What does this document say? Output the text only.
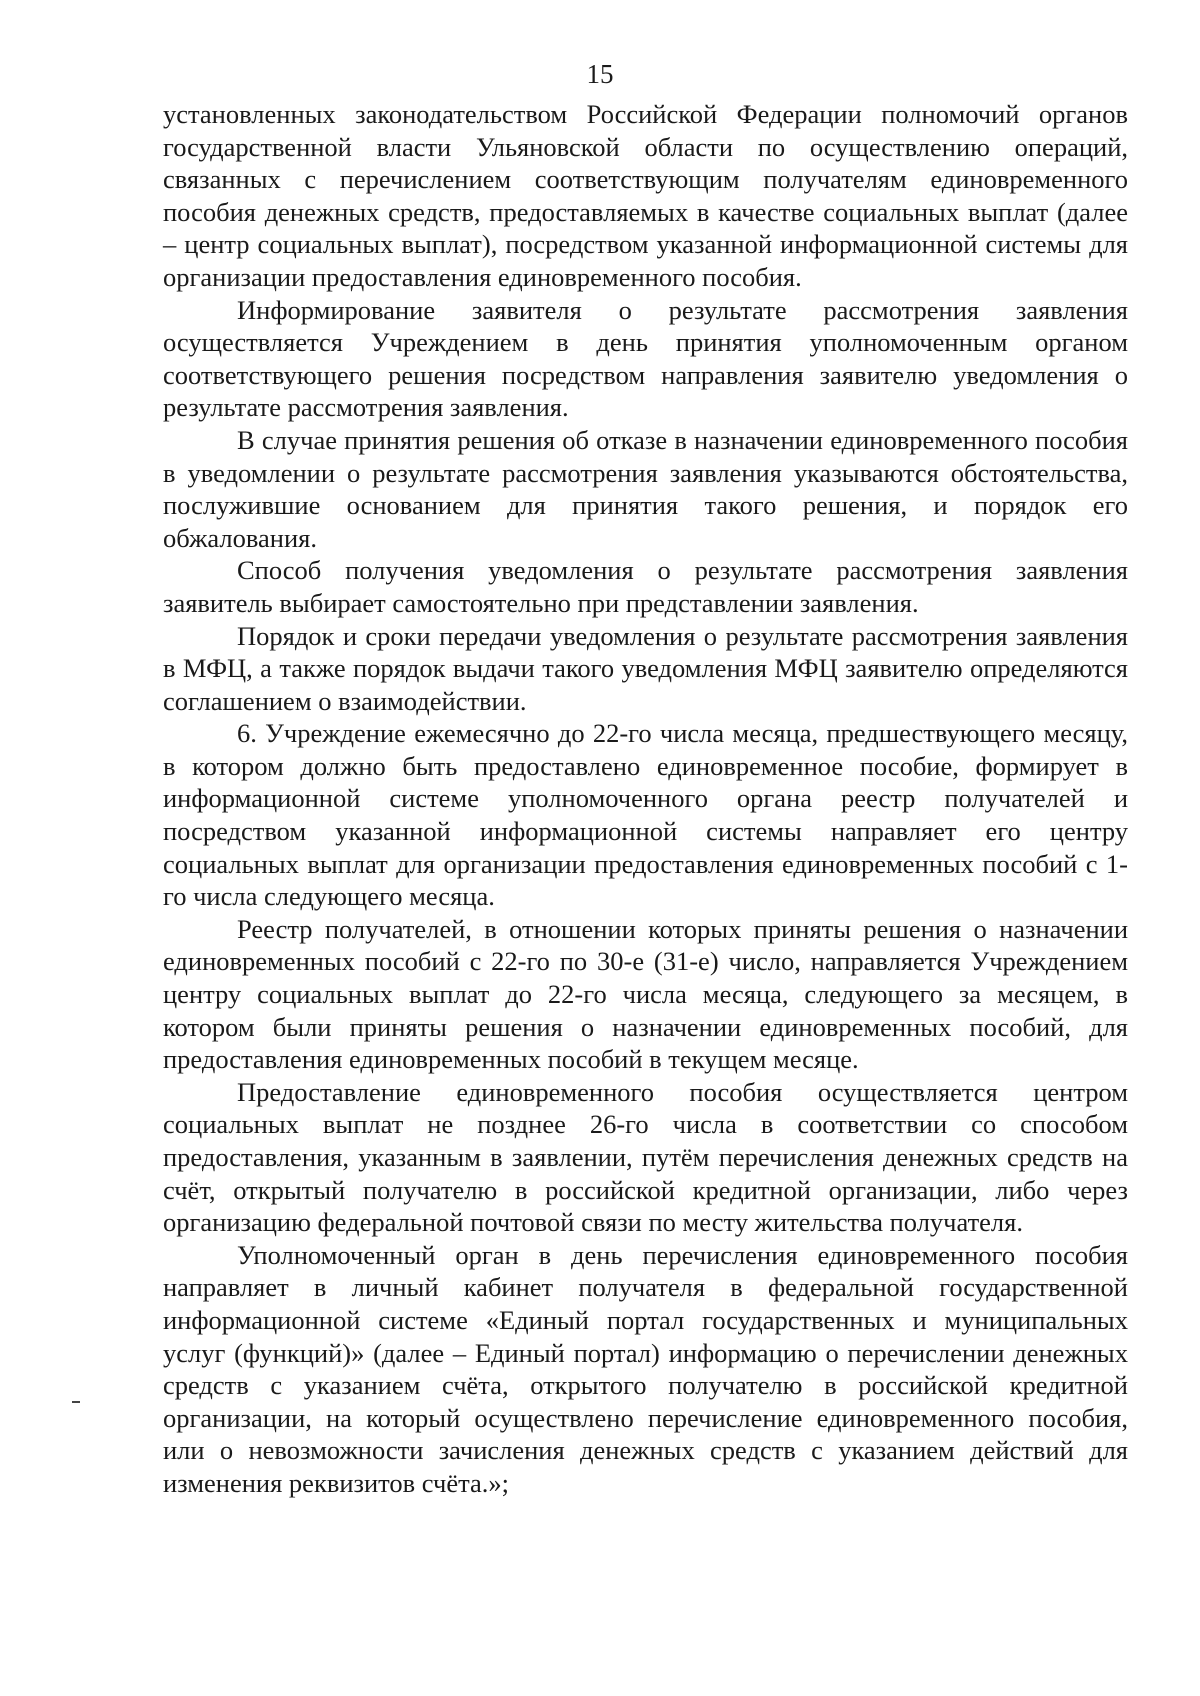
15

установленных законодательством Российской Федерации полномочий органов государственной власти Ульяновской области по осуществлению операций, связанных с перечислением соответствующим получателям единовременного пособия денежных средств, предоставляемых в качестве социальных выплат (далее – центр социальных выплат), посредством указанной информационной системы для организации предоставления единовременного пособия.

Информирование заявителя о результате рассмотрения заявления осуществляется Учреждением в день принятия уполномоченным органом соответствующего решения посредством направления заявителю уведомления о результате рассмотрения заявления.

В случае принятия решения об отказе в назначении единовременного пособия в уведомлении о результате рассмотрения заявления указываются обстоятельства, послужившие основанием для принятия такого решения, и порядок его обжалования.

Способ получения уведомления о результате рассмотрения заявления заявитель выбирает самостоятельно при представлении заявления.

Порядок и сроки передачи уведомления о результате рассмотрения заявления в МФЦ, а также порядок выдачи такого уведомления МФЦ заявителю определяются соглашением о взаимодействии.

6. Учреждение ежемесячно до 22-го числа месяца, предшествующего месяцу, в котором должно быть предоставлено единовременное пособие, формирует в информационной системе уполномоченного органа реестр получателей и посредством указанной информационной системы направляет его центру социальных выплат для организации предоставления единовременных пособий с 1-го числа следующего месяца.

Реестр получателей, в отношении которых приняты решения о назначении единовременных пособий с 22-го по 30-е (31-е) число, направляется Учреждением центру социальных выплат до 22-го числа месяца, следующего за месяцем, в котором были приняты решения о назначении единовременных пособий, для предоставления единовременных пособий в текущем месяце.

Предоставление единовременного пособия осуществляется центром социальных выплат не позднее 26-го числа в соответствии со способом предоставления, указанным в заявлении, путём перечисления денежных средств на счёт, открытый получателю в российской кредитной организации, либо через организацию федеральной почтовой связи по месту жительства получателя.

Уполномоченный орган в день перечисления единовременного пособия направляет в личный кабинет получателя в федеральной государственной информационной системе «Единый портал государственных и муниципальных услуг (функций)» (далее – Единый портал) информацию о перечислении денежных средств с указанием счёта, открытого получателю в российской кредитной организации, на который осуществлено перечисление единовременного пособия, или о невозможности зачисления денежных средств с указанием действий для изменения реквизитов счёта.»;
